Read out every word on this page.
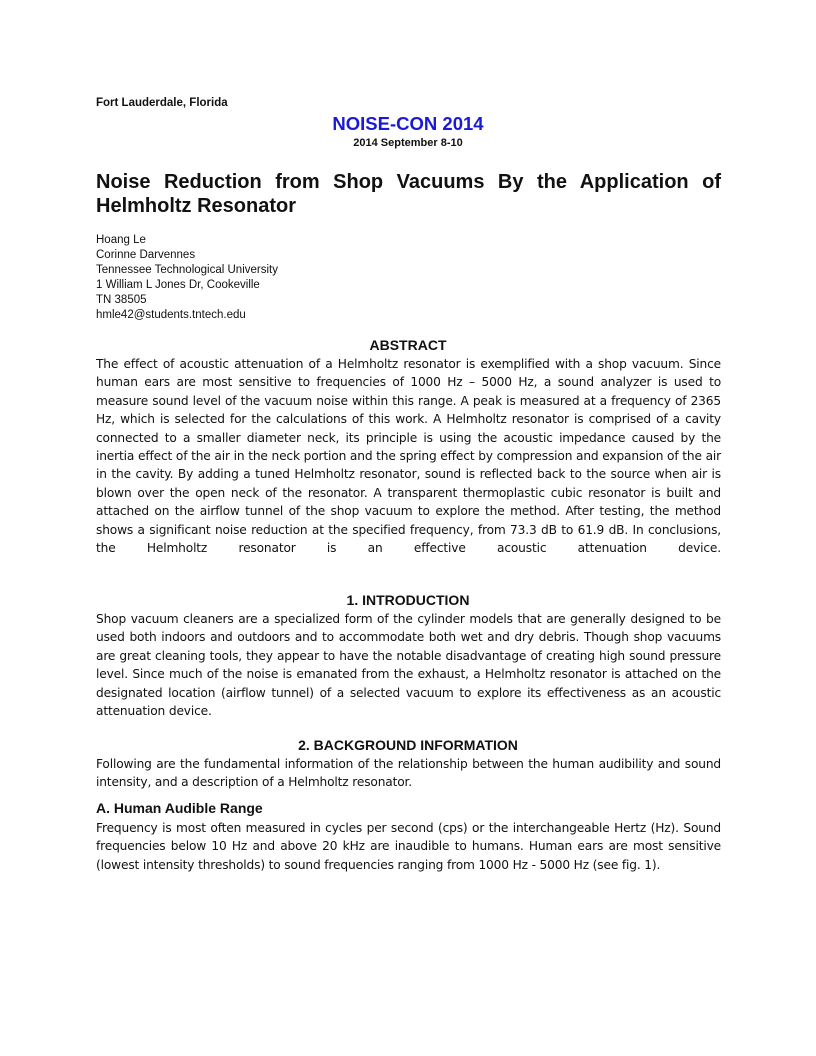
Fort Lauderdale, Florida
NOISE-CON 2014
2014 September 8-10
Noise Reduction from Shop Vacuums By the Application of Helmholtz Resonator
Hoang Le
Corinne Darvennes
Tennessee Technological University
1 William L Jones Dr, Cookeville
TN 38505
hmle42@students.tntech.edu
ABSTRACT

The effect of acoustic attenuation of a Helmholtz resonator is exemplified with a shop vacuum. Since human ears are most sensitive to frequencies of 1000 Hz – 5000 Hz, a sound analyzer is used to measure sound level of the vacuum noise within this range. A peak is measured at a frequency of 2365 Hz, which is selected for the calculations of this work. A Helmholtz resonator is comprised of a cavity connected to a smaller diameter neck, its principle is using the acoustic impedance caused by the inertia effect of the air in the neck portion and the spring effect by compression and expansion of the air in the cavity. By adding a tuned Helmholtz resonator, sound is reflected back to the source when air is blown over the open neck of the resonator. A transparent thermoplastic cubic resonator is built and attached on the airflow tunnel of the shop vacuum to explore the method. After testing, the method shows a significant noise reduction at the specified frequency, from 73.3 dB to 61.9 dB. In conclusions, the Helmholtz resonator is an effective acoustic attenuation device.

1. INTRODUCTION

Shop vacuum cleaners are a specialized form of the cylinder models that are generally designed to be used both indoors and outdoors and to accommodate both wet and dry debris. Though shop vacuums are great cleaning tools, they appear to have the notable disadvantage of creating high sound pressure level. Since much of the noise is emanated from the exhaust, a Helmholtz resonator is attached on the designated location (airflow tunnel) of a selected vacuum to explore its effectiveness as an acoustic attenuation device.

2. BACKGROUND INFORMATION

Following are the fundamental information of the relationship between the human audibility and sound intensity, and a description of a Helmholtz resonator.

A. Human Audible Range

Frequency is most often measured in cycles per second (cps) or the interchangeable Hertz (Hz). Sound frequencies below 10 Hz and above 20 kHz are inaudible to humans. Human ears are most sensitive (lowest intensity thresholds) to sound frequencies ranging from 1000 Hz - 5000 Hz (see fig. 1).
